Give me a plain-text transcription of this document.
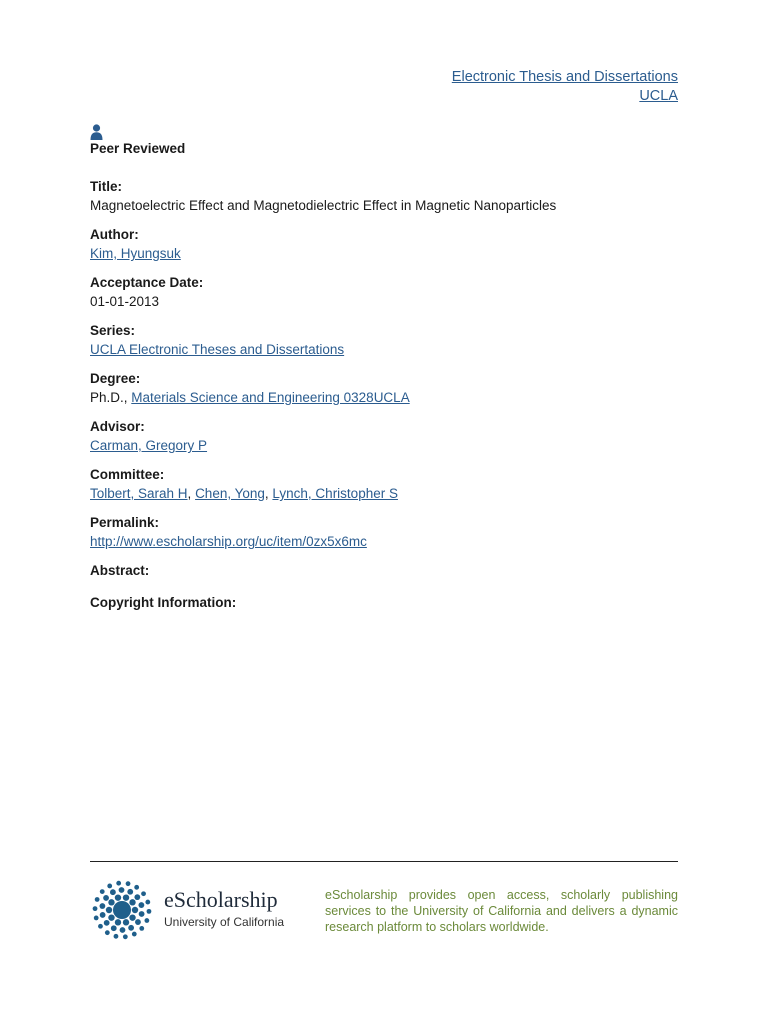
Electronic Thesis and Dissertations
UCLA
Peer Reviewed
Title:
Magnetoelectric Effect and Magnetodielectric Effect in Magnetic Nanoparticles
Author:
Kim, Hyungsuk
Acceptance Date:
01-01-2013
Series:
UCLA Electronic Theses and Dissertations
Degree:
Ph.D., Materials Science and Engineering 0328UCLA
Advisor:
Carman, Gregory P
Committee:
Tolbert, Sarah H, Chen, Yong, Lynch, Christopher S
Permalink:
http://www.escholarship.org/uc/item/0zx5x6mc
Abstract:
Copyright Information:
eScholarship
University of California
eScholarship provides open access, scholarly publishing services to the University of California and delivers a dynamic research platform to scholars worldwide.
